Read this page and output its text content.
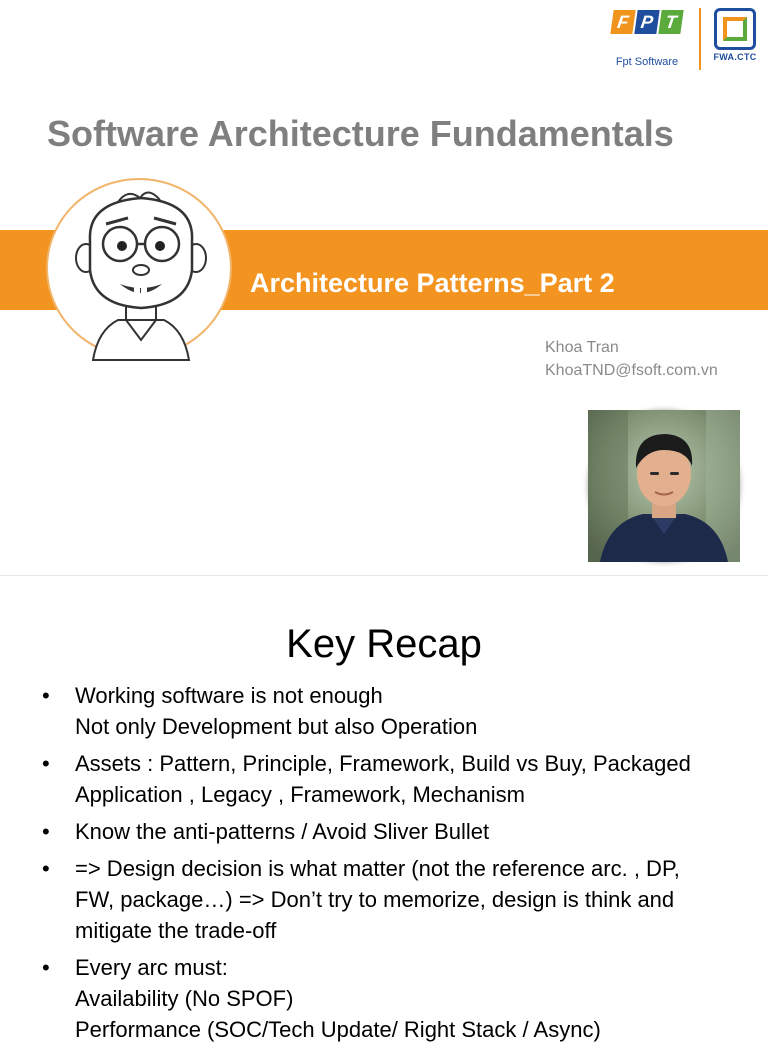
F P T
Fpt Software	FWA.CTC
Software Architecture Fundamentals
Architecture Patterns_Part 2
Khoa Tran
KhoaTND@fsoft.com.vn
Key Recap
• Working software is not enough
Not only Development but also Operation
• Assets : Pattern, Principle, Framework, Build vs Buy, Packaged
Application , Legacy , Framework, Mechanism
• Know the anti-patterns / Avoid Sliver Bullet
• => Design decision is what matter (not the reference arc. , DP,
FW, package…) => Don’t try to memorize, design is think and
mitigate the trade-off
• Every arc must:
Availability (No SPOF)
Performance (SOC/Tech Update/ Right Stack / Async)
